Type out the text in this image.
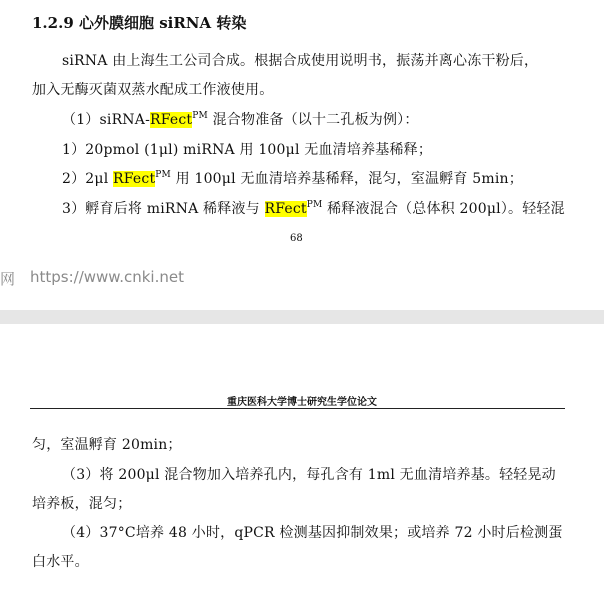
1.2.9 心外膜细胞 siRNA 转染
siRNA 由上海生工公司合成。根据合成使用说明书，振荡并离心冻干粉后，
加入无酶灭菌双蒸水配成工作液使用。
（1）siRNA-RFect$^{PM}$ 混合物准备（以十二孔板为例）：
1）20pmol (1μl) miRNA 用 100μl 无血清培养基稀释；
2）2μl RFect$^{PM}$ 用 100μl 无血清培养基稀释，混匀，室温孵育 5min；
3）孵育后将 miRNA 稀释液与 RFect$^{PM}$ 稀释液混合（总体积 200μl）。轻轻混
68
网 https://www.cnki.net
重庆医科大学博士研究生学位论文
匀，室温孵育 20min；
（3）将 200μl 混合物加入培养孔内，每孔含有 1ml 无血清培养基。轻轻晃动
培养板，混匀；
（4）37°C培养 48 小时，qPCR 检测基因抑制效果；或培养 72 小时后检测蛋
白水平。
